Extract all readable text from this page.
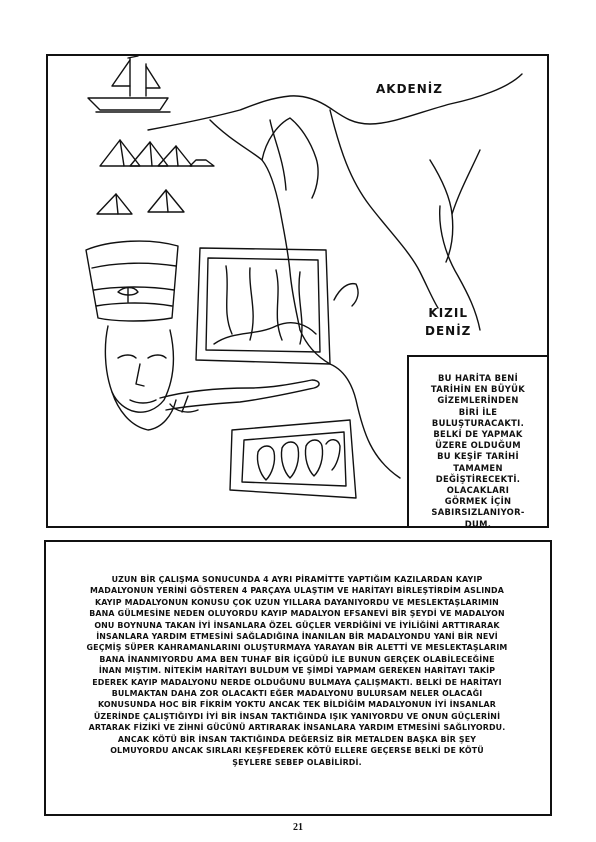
AKDENİZ
KIZIL
DENİZ
BU HARİTA BENİ
TARİHİN EN BÜYÜK
GİZEMLERİNDEN
BİRİ İLE
BULUŞTURACAKTI.
BELKİ DE YAPMAK
ÜZERE OLDUĞUM
BU KEŞİF TARİHİ
TAMAMEN
DEĞİŞTİRECEKTİ.
OLACAKLARI
GÖRMEK İÇİN
SABIRSIZLANIYOR-
DUM.
UZUN BİR ÇALIŞMA SONUCUNDA 4 AYRI PİRAMİTTE YAPTIĞIM KAZILARDAN KAYIP
MADALYONUN YERİNİ GÖSTEREN 4 PARÇAYA ULAŞTIM VE HARİTAYI BİRLEŞTİRDİM ASLINDA
KAYIP MADALYONUN KONUSU ÇOK UZUN YILLARA DAYANIYORDU VE MESLEKTAŞLARIMIN
BANA GÜLMESİNE NEDEN OLUYORDU KAYIP MADALYON EFSANEVİ BİR ŞEYDİ VE MADALYON
ONU BOYNUNA TAKAN İYİ İNSANLARA ÖZEL GÜÇLER VERDİĞİNİ VE İYİLİĞİNİ ARTTIRARAK
İNSANLARA YARDIM ETMESİNİ SAĞLADIĞINA İNANILAN BİR MADALYONDU YANİ BİR NEVİ
GEÇMİŞ SÜPER KAHRAMANLARINI OLUŞTURMAYA YARAYAN BİR ALETTİ VE MESLEKTAŞLARIM
BANA İNANMIYORDU AMA BEN TUHAF BİR İÇGÜDÜ İLE BUNUN GERÇEK OLABİLECEĞİNE
İNAN MIŞTIM. NİTEKİM HARİTAYI BULDUM VE ŞİMDİ YAPMAM GEREKEN HARİTAYI TAKİP
EDEREK KAYIP MADALYONU NERDE OLDUĞUNU BULMAYA ÇALIŞMAKTI. BELKİ DE HARİTAYI
BULMAKTAN DAHA ZOR OLACAKTI EĞER MADALYONU BULURSAM NELER OLACAĞI
KONUSUNDA HOC BİR FİKRİM YOKTU ANCAK TEK BİLDİĞİM MADALYONUN İYİ İNSANLAR
ÜZERİNDE ÇALIŞTIĞIYDI İYİ BİR İNSAN TAKTIĞINDA IŞIK YANIYORDU VE ONUN GÜÇLERİNİ
ARTARAK FİZİKİ VE ZİHNİ GÜCÜNÜ ARTIRARAK İNSANLARA YARDIM ETMESİNİ SAĞLIYORDU.
ANCAK KÖTÜ BİR İNSAN TAKTIĞINDA DEĞERSİZ BİR METALDEN BAŞKA BİR ŞEY
OLMUYORDU ANCAK SIRLARI KEŞFEDEREK KÖTÜ ELLERE GEÇERSE BELKİ DE KÖTÜ
ŞEYLERE SEBEP OLABİLİRDİ.
21
